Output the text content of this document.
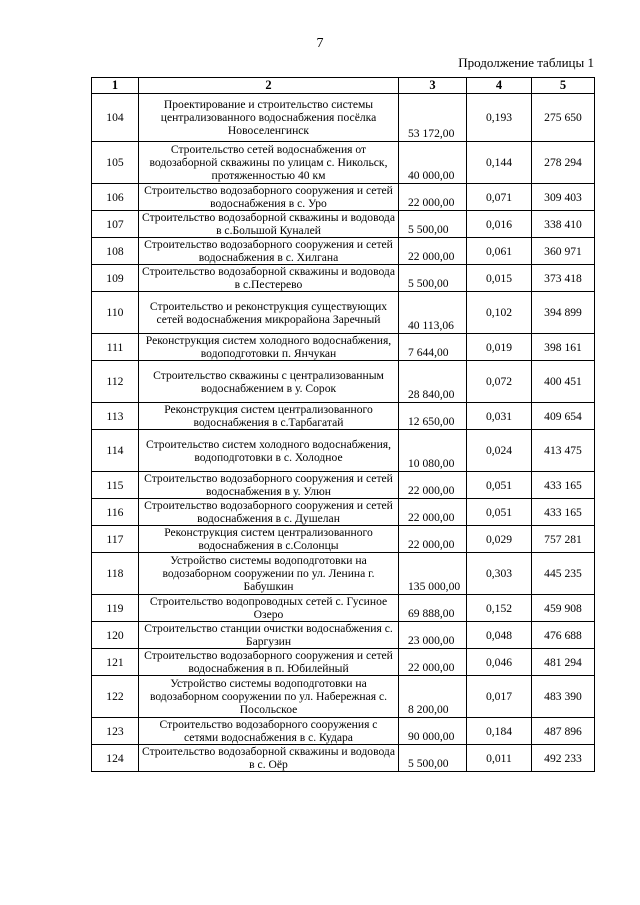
7
Продолжение таблицы 1
1	2	3	4	5
104	Проектирование и строительство системы централизованного водоснабжения посёлка Новоселенгинск	53 172,00	0,193	275 650
105	Строительство сетей водоснабжения от водозаборной скважины по улицам с. Никольск, протяженностью 40 км	40 000,00	0,144	278 294
106	Строительство водозаборного сооружения и сетей водоснабжения в с. Уро	22 000,00	0,071	309 403
107	Строительство водозаборной скважины и водовода в с.Большой Куналей	5 500,00	0,016	338 410
108	Строительство водозаборного сооружения и сетей водоснабжения в с. Хилгана	22 000,00	0,061	360 971
109	Строительство водозаборной скважины и водовода в с.Пестерево	5 500,00	0,015	373 418
110	Строительство и реконструкция существующих сетей водоснабжения микрорайона Заречный	40 113,06	0,102	394 899
111	Реконструкция систем холодного водоснабжения, водоподготовки п. Янчукан	7 644,00	0,019	398 161
112	Строительство скважины с централизованным водоснабжением в у. Сорок	28 840,00	0,072	400 451
113	Реконструкция систем централизованного водоснабжения в с.Тарбагатай	12 650,00	0,031	409 654
114	Строительство систем холодного водоснабжения, водоподготовки в с. Холодное	10 080,00	0,024	413 475
115	Строительство водозаборного сооружения и сетей водоснабжения в у. Улюн	22 000,00	0,051	433 165
116	Строительство водозаборного сооружения и сетей водоснабжения в с. Душелан	22 000,00	0,051	433 165
117	Реконструкция систем централизованного водоснабжения в с.Солонцы	22 000,00	0,029	757 281
118	Устройство системы водоподготовки на водозаборном сооружении по ул. Ленина г. Бабушкин	135 000,00	0,303	445 235
119	Строительство водопроводных сетей с. Гусиное Озеро	69 888,00	0,152	459 908
120	Строительство станции очистки водоснабжения с. Баргузин	23 000,00	0,048	476 688
121	Строительство водозаборного сооружения и сетей водоснабжения в п. Юбилейный	22 000,00	0,046	481 294
122	Устройство системы водоподготовки на водозаборном сооружении по ул. Набережная с. Посольское	8 200,00	0,017	483 390
123	Строительство водозаборного сооружения с сетями водоснабжения в с. Кудара	90 000,00	0,184	487 896
124	Строительство водозаборной скважины и водовода в с. Оёр	5 500,00	0,011	492 233
